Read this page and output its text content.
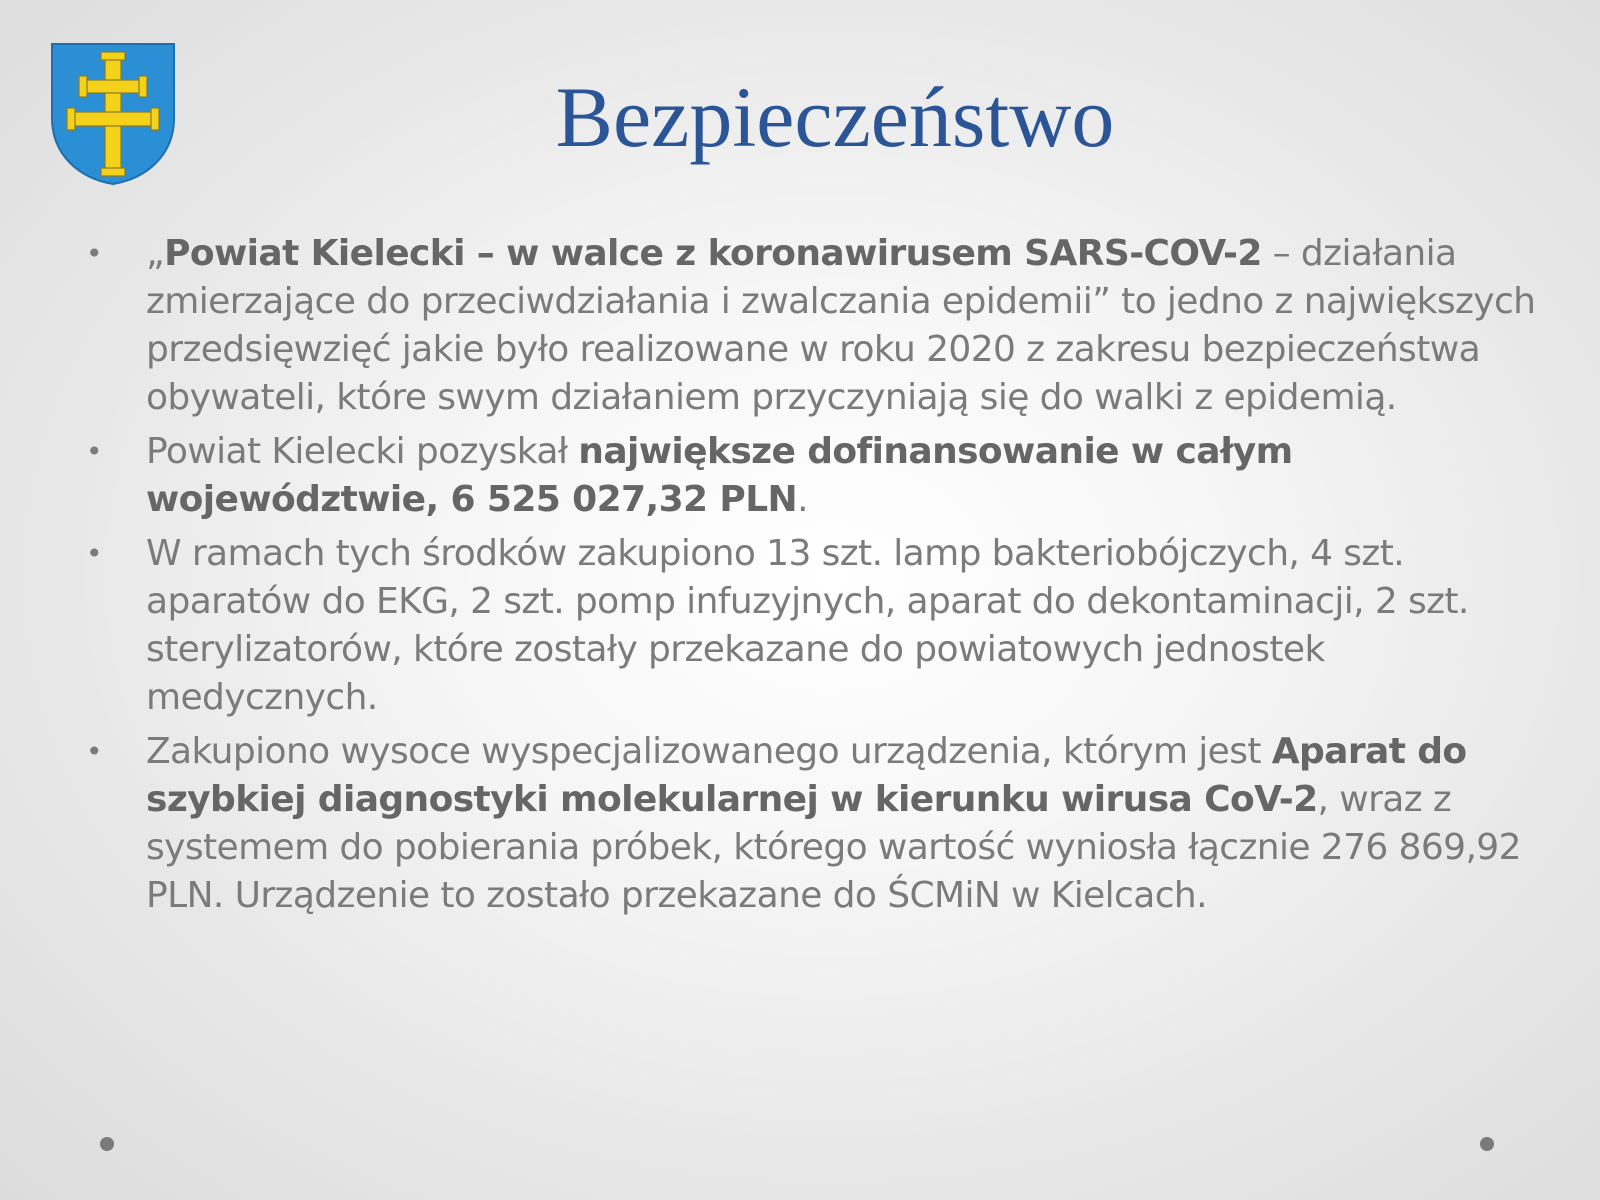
Bezpieczeństwo
•	„Powiat Kielecki – w walce z koronawirusem SARS-COV-2 – działania zmierzające do przeciwdziałania i zwalczania epidemii” to jedno z największych przedsięwzięć jakie było realizowane w roku 2020 z zakresu bezpieczeństwa obywateli, które swym działaniem przyczyniają się do walki z epidemią.
•	Powiat Kielecki pozyskał największe dofinansowanie w całym województwie, 6 525 027,32 PLN.
•	W ramach tych środków zakupiono 13 szt. lamp bakteriobójczych, 4 szt. aparatów do EKG, 2 szt. pomp infuzyjnych, aparat do dekontaminacji, 2 szt. sterylizatorów, które zostały przekazane do powiatowych jednostek medycznych.
•	Zakupiono wysoce wyspecjalizowanego urządzenia, którym jest Aparat do szybkiej diagnostyki molekularnej w kierunku wirusa CoV-2, wraz z systemem do pobierania próbek, którego wartość wyniosła łącznie 276 869,92 PLN. Urządzenie to zostało przekazane do ŚCMiN w Kielcach.
